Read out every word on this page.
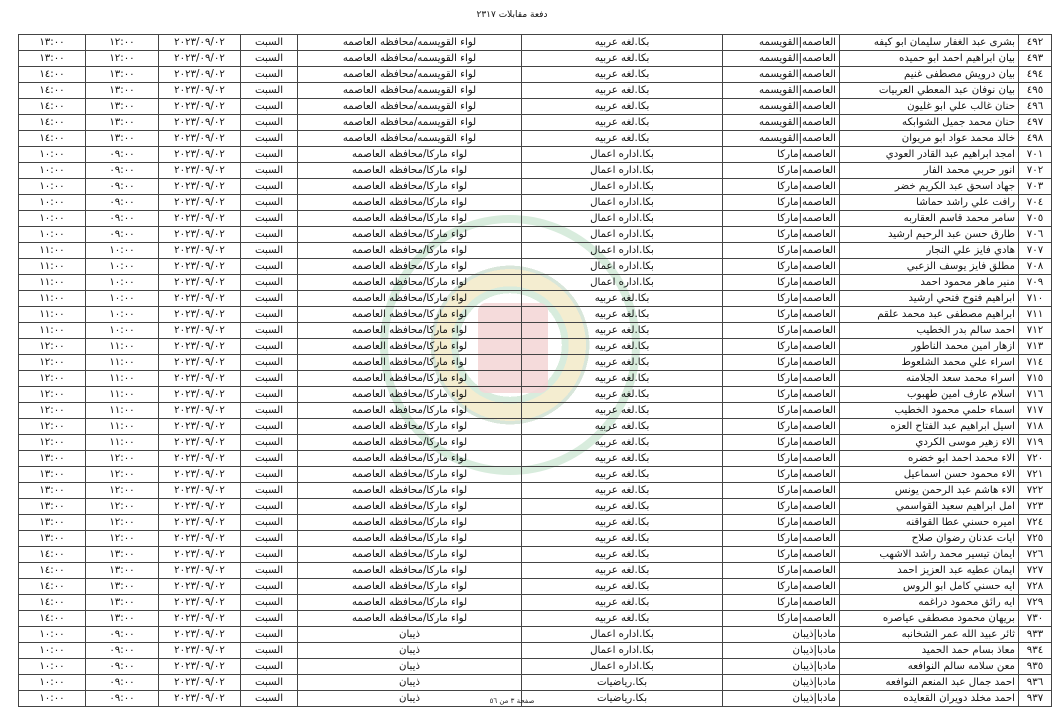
دفعة مقابلات ٢٣١٧
٤٩٢	بشرى عبد الغفار سليمان ابو كيفه	العاصمه|القويسمه	بكا.لغه عربيه	لواء القويسمه/محافظه العاصمه	السبت	٢٠٢٣/٠٩/٠٢	١٢:٠٠	١٣:٠٠
٤٩٣	بيان ابراهيم احمد ابو حميده	العاصمه|القويسمه	بكا.لغه عربيه	لواء القويسمه/محافظه العاصمه	السبت	٢٠٢٣/٠٩/٠٢	١٢:٠٠	١٣:٠٠
٤٩٤	بيان درويش مصطفى غنيم	العاصمه|القويسمه	بكا.لغه عربيه	لواء القويسمه/محافظه العاصمه	السبت	٢٠٢٣/٠٩/٠٢	١٣:٠٠	١٤:٠٠
٤٩٥	بيان نوفان عبد المعطي العربيات	العاصمه|القويسمه	بكا.لغه عربيه	لواء القويسمه/محافظه العاصمه	السبت	٢٠٢٣/٠٩/٠٢	١٣:٠٠	١٤:٠٠
٤٩٦	حنان غالب علي ابو غليون	العاصمه|القويسمه	بكا.لغه عربيه	لواء القويسمه/محافظه العاصمه	السبت	٢٠٢٣/٠٩/٠٢	١٣:٠٠	١٤:٠٠
٤٩٧	حنان محمد جميل الشوابكه	العاصمه|القويسمه	بكا.لغه عربيه	لواء القويسمه/محافظه العاصمه	السبت	٢٠٢٣/٠٩/٠٢	١٣:٠٠	١٤:٠٠
٤٩٨	خالد محمد عواد ابو مريوان	العاصمه|القويسمه	بكا.لغه عربيه	لواء القويسمه/محافظه العاصمه	السبت	٢٠٢٣/٠٩/٠٢	١٣:٠٠	١٤:٠٠
٧٠١	امجد ابراهيم عبد القادر العودي	العاصمه|ماركا	بكا.اداره اعمال	لواء ماركا/محافظه العاصمه	السبت	٢٠٢٣/٠٩/٠٢	٠٩:٠٠	١٠:٠٠
٧٠٢	انور حربي محمد الفار	العاصمه|ماركا	بكا.اداره اعمال	لواء ماركا/محافظه العاصمه	السبت	٢٠٢٣/٠٩/٠٢	٠٩:٠٠	١٠:٠٠
٧٠٣	جهاد اسحق عبد الكريم خضر	العاصمه|ماركا	بكا.اداره اعمال	لواء ماركا/محافظه العاصمه	السبت	٢٠٢٣/٠٩/٠٢	٠٩:٠٠	١٠:٠٠
٧٠٤	رافت علي راشد حماشا	العاصمه|ماركا	بكا.اداره اعمال	لواء ماركا/محافظه العاصمه	السبت	٢٠٢٣/٠٩/٠٢	٠٩:٠٠	١٠:٠٠
٧٠٥	سامر محمد قاسم العقاربه	العاصمه|ماركا	بكا.اداره اعمال	لواء ماركا/محافظه العاصمه	السبت	٢٠٢٣/٠٩/٠٢	٠٩:٠٠	١٠:٠٠
٧٠٦	طارق حسن عبد الرحيم ارشيد	العاصمه|ماركا	بكا.اداره اعمال	لواء ماركا/محافظه العاصمه	السبت	٢٠٢٣/٠٩/٠٢	٠٩:٠٠	١٠:٠٠
٧٠٧	هادي فايز علي النجار	العاصمه|ماركا	بكا.اداره اعمال	لواء ماركا/محافظه العاصمه	السبت	٢٠٢٣/٠٩/٠٢	١٠:٠٠	١١:٠٠
٧٠٨	مطلق فايز يوسف الزعبي	العاصمه|ماركا	بكا.اداره اعمال	لواء ماركا/محافظه العاصمه	السبت	٢٠٢٣/٠٩/٠٢	١٠:٠٠	١١:٠٠
٧٠٩	منير ماهر محمود احمد	العاصمه|ماركا	بكا.اداره اعمال	لواء ماركا/محافظه العاصمه	السبت	٢٠٢٣/٠٩/٠٢	١٠:٠٠	١١:٠٠
٧١٠	ابراهيم فتوح فتحي ارشيد	العاصمه|ماركا	بكا.لغه عربيه	لواء ماركا/محافظه العاصمه	السبت	٢٠٢٣/٠٩/٠٢	١٠:٠٠	١١:٠٠
٧١١	ابراهيم مصطفى عبد محمد علقم	العاصمه|ماركا	بكا.لغه عربيه	لواء ماركا/محافظه العاصمه	السبت	٢٠٢٣/٠٩/٠٢	١٠:٠٠	١١:٠٠
٧١٢	احمد سالم بدر الخطيب	العاصمه|ماركا	بكا.لغه عربيه	لواء ماركا/محافظه العاصمه	السبت	٢٠٢٣/٠٩/٠٢	١٠:٠٠	١١:٠٠
٧١٣	ازهار امين محمد الناطور	العاصمه|ماركا	بكا.لغه عربيه	لواء ماركا/محافظه العاصمه	السبت	٢٠٢٣/٠٩/٠٢	١١:٠٠	١٢:٠٠
٧١٤	اسراء علي محمد الشلعوط	العاصمه|ماركا	بكا.لغه عربيه	لواء ماركا/محافظه العاصمه	السبت	٢٠٢٣/٠٩/٠٢	١١:٠٠	١٢:٠٠
٧١٥	اسراء محمد سعد الجلامنه	العاصمه|ماركا	بكا.لغه عربيه	لواء ماركا/محافظه العاصمه	السبت	٢٠٢٣/٠٩/٠٢	١١:٠٠	١٢:٠٠
٧١٦	اسلام عارف امين طهبوب	العاصمه|ماركا	بكا.لغه عربيه	لواء ماركا/محافظه العاصمه	السبت	٢٠٢٣/٠٩/٠٢	١١:٠٠	١٢:٠٠
٧١٧	اسماء حلمي محمود الخطيب	العاصمه|ماركا	بكا.لغه عربيه	لواء ماركا/محافظه العاصمه	السبت	٢٠٢٣/٠٩/٠٢	١١:٠٠	١٢:٠٠
٧١٨	اسيل ابراهيم عبد الفتاح العزه	العاصمه|ماركا	بكا.لغه عربيه	لواء ماركا/محافظه العاصمه	السبت	٢٠٢٣/٠٩/٠٢	١١:٠٠	١٢:٠٠
٧١٩	الاء زهير موسى الكردي	العاصمه|ماركا	بكا.لغه عربيه	لواء ماركا/محافظه العاصمه	السبت	٢٠٢٣/٠٩/٠٢	١١:٠٠	١٢:٠٠
٧٢٠	الاء محمد احمد ابو خضره	العاصمه|ماركا	بكا.لغه عربيه	لواء ماركا/محافظه العاصمه	السبت	٢٠٢٣/٠٩/٠٢	١٢:٠٠	١٣:٠٠
٧٢١	الاء محمود حسن اسماعيل	العاصمه|ماركا	بكا.لغه عربيه	لواء ماركا/محافظه العاصمه	السبت	٢٠٢٣/٠٩/٠٢	١٢:٠٠	١٣:٠٠
٧٢٢	الاء هاشم عبد الرحمن يونس	العاصمه|ماركا	بكا.لغه عربيه	لواء ماركا/محافظه العاصمه	السبت	٢٠٢٣/٠٩/٠٢	١٢:٠٠	١٣:٠٠
٧٢٣	امل ابراهيم سعيد القواسمي	العاصمه|ماركا	بكا.لغه عربيه	لواء ماركا/محافظه العاصمه	السبت	٢٠٢٣/٠٩/٠٢	١٢:٠٠	١٣:٠٠
٧٢٤	اميره حسني عطا القواقنه	العاصمه|ماركا	بكا.لغه عربيه	لواء ماركا/محافظه العاصمه	السبت	٢٠٢٣/٠٩/٠٢	١٢:٠٠	١٣:٠٠
٧٢٥	ايات عدنان رضوان صلاح	العاصمه|ماركا	بكا.لغه عربيه	لواء ماركا/محافظه العاصمه	السبت	٢٠٢٣/٠٩/٠٢	١٢:٠٠	١٣:٠٠
٧٢٦	ايمان تيسير محمد راشد الاشهب	العاصمه|ماركا	بكا.لغه عربيه	لواء ماركا/محافظه العاصمه	السبت	٢٠٢٣/٠٩/٠٢	١٣:٠٠	١٤:٠٠
٧٢٧	ايمان عطيه عبد العزيز احمد	العاصمه|ماركا	بكا.لغه عربيه	لواء ماركا/محافظه العاصمه	السبت	٢٠٢٣/٠٩/٠٢	١٣:٠٠	١٤:٠٠
٧٢٨	ايه حسني كامل ابو الروس	العاصمه|ماركا	بكا.لغه عربيه	لواء ماركا/محافظه العاصمه	السبت	٢٠٢٣/٠٩/٠٢	١٣:٠٠	١٤:٠٠
٧٢٩	ايه رائق محمود دراغمه	العاصمه|ماركا	بكا.لغه عربيه	لواء ماركا/محافظه العاصمه	السبت	٢٠٢٣/٠٩/٠٢	١٣:٠٠	١٤:٠٠
٧٣٠	بريهان محمود مصطفى عياصره	العاصمه|ماركا	بكا.لغه عربيه	لواء ماركا/محافظه العاصمه	السبت	٢٠٢٣/٠٩/٠٢	١٣:٠٠	١٤:٠٠
٩٣٣	ثائر عبيد الله عمر الشخانبه	مادبا|ذيبان	بكا.اداره اعمال	ذيبان	السبت	٢٠٢٣/٠٩/٠٢	٠٩:٠٠	١٠:٠٠
٩٣٤	معاذ بسام حمد الحميد	مادبا|ذيبان	بكا.اداره اعمال	ذيبان	السبت	٢٠٢٣/٠٩/٠٢	٠٩:٠٠	١٠:٠٠
٩٣٥	معن سلامه سالم النوافعه	مادبا|ذيبان	بكا.اداره اعمال	ذيبان	السبت	٢٠٢٣/٠٩/٠٢	٠٩:٠٠	١٠:٠٠
٩٣٦	احمد جمال عبد المنعم النوافعه	مادبا|ذيبان	بكا.رياضيات	ذيبان	السبت	٢٠٢٣/٠٩/٠٢	٠٩:٠٠	١٠:٠٠
٩٣٧	احمد مخلد دويران القعايده	مادبا|ذيبان	بكا.رياضيات	ذيبان	السبت	٢٠٢٣/٠٩/٠٢	٠٩:٠٠	١٠:٠٠	صفحة ٣ من ٥٦
